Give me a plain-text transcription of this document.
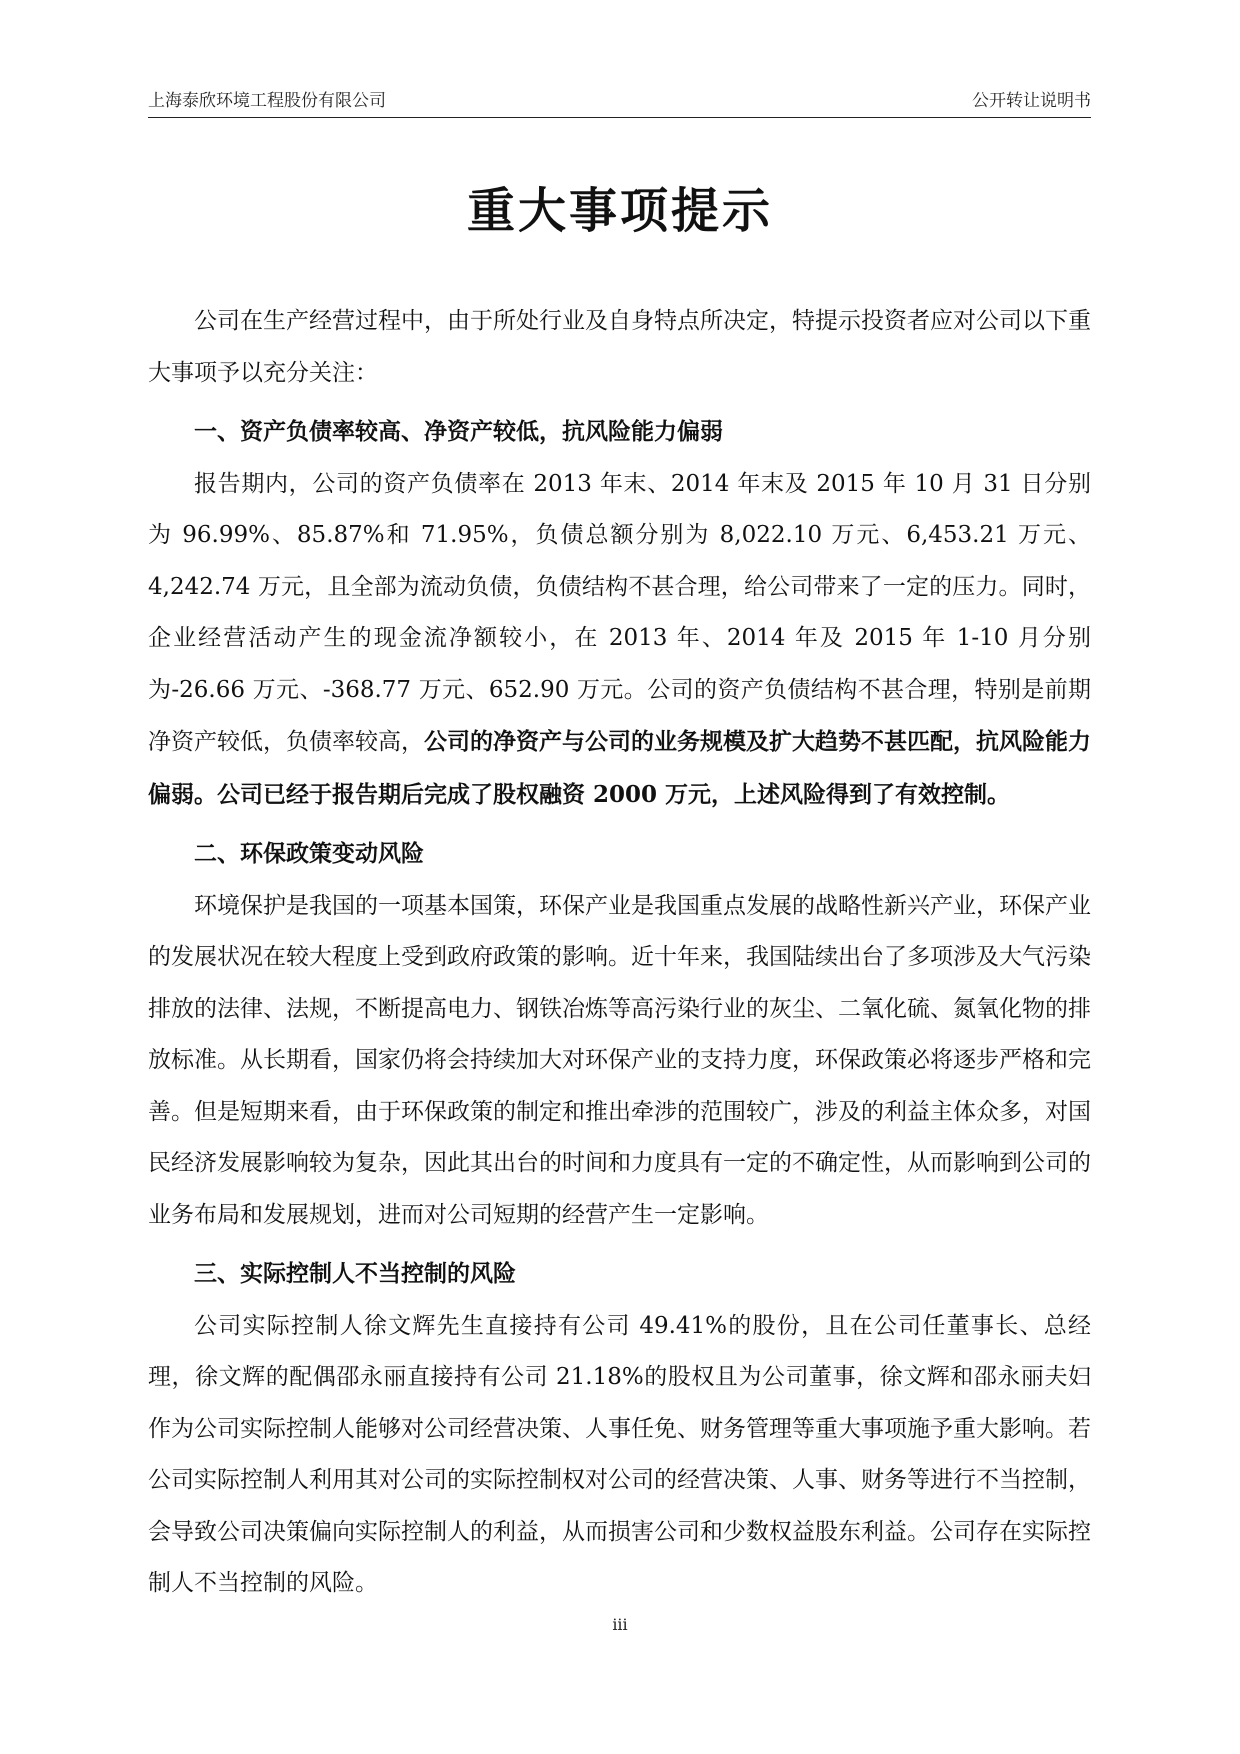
上海泰欣环境工程股份有限公司	公开转让说明书
重大事项提示

公司在生产经营过程中，由于所处行业及自身特点所决定，特提示投资者应对公司以下重大事项予以充分关注：

一、资产负债率较高、净资产较低，抗风险能力偏弱

报告期内，公司的资产负债率在 2013 年末、2014 年末及 2015 年 10 月 31 日分别为 96.99%、85.87%和 71.95%，负债总额分别为 8,022.10 万元、6,453.21 万元、4,242.74 万元，且全部为流动负债，负债结构不甚合理，给公司带来了一定的压力。同时，企业经营活动产生的现金流净额较小，在 2013 年、2014 年及 2015 年 1-10 月分别为-26.66 万元、-368.77 万元、652.90 万元。公司的资产负债结构不甚合理，特别是前期净资产较低，负债率较高，公司的净资产与公司的业务规模及扩大趋势不甚匹配，抗风险能力偏弱。公司已经于报告期后完成了股权融资 2000 万元，上述风险得到了有效控制。

二、环保政策变动风险

环境保护是我国的一项基本国策，环保产业是我国重点发展的战略性新兴产业，环保产业的发展状况在较大程度上受到政府政策的影响。近十年来，我国陆续出台了多项涉及大气污染排放的法律、法规，不断提高电力、钢铁冶炼等高污染行业的灰尘、二氧化硫、氮氧化物的排放标准。从长期看，国家仍将会持续加大对环保产业的支持力度，环保政策必将逐步严格和完善。但是短期来看，由于环保政策的制定和推出牵涉的范围较广，涉及的利益主体众多，对国民经济发展影响较为复杂，因此其出台的时间和力度具有一定的不确定性，从而影响到公司的业务布局和发展规划，进而对公司短期的经营产生一定影响。

三、实际控制人不当控制的风险

公司实际控制人徐文辉先生直接持有公司 49.41%的股份，且在公司任董事长、总经理，徐文辉的配偶邵永丽直接持有公司 21.18%的股权且为公司董事，徐文辉和邵永丽夫妇作为公司实际控制人能够对公司经营决策、人事任免、财务管理等重大事项施予重大影响。若公司实际控制人利用其对公司的实际控制权对公司的经营决策、人事、财务等进行不当控制，会导致公司决策偏向实际控制人的利益，从而损害公司和少数权益股东利益。公司存在实际控制人不当控制的风险。

iii
